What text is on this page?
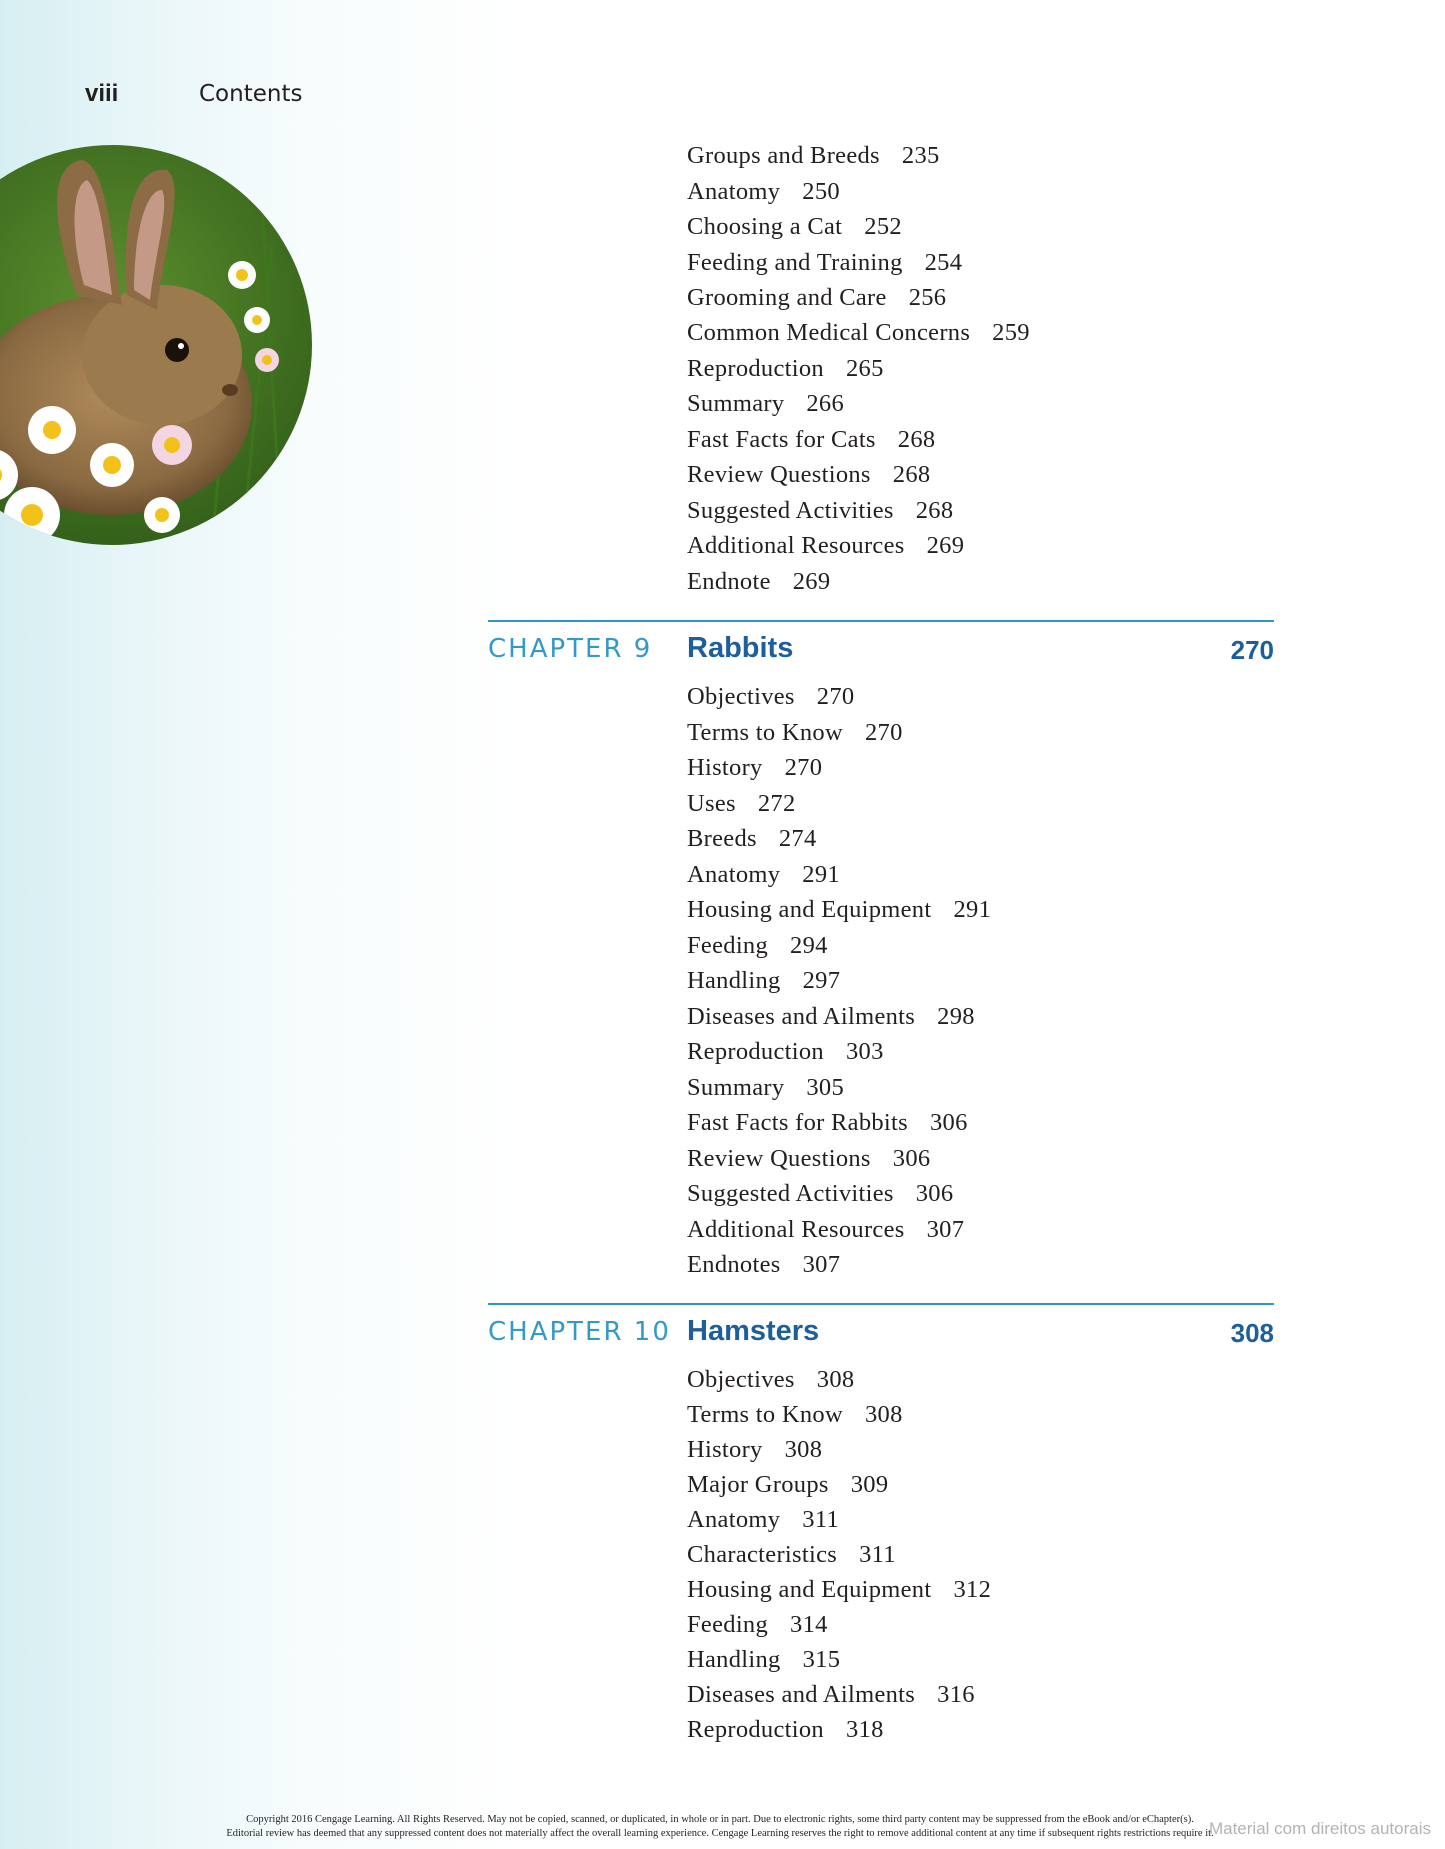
viii	Contents
Groups and Breeds 235
Anatomy 250
Choosing a Cat 252
Feeding and Training 254
Grooming and Care 256
Common Medical Concerns 259
Reproduction 265
Summary 266
Fast Facts for Cats 268
Review Questions 268
Suggested Activities 268
Additional Resources 269
Endnote 269
CHAPTER 9 Rabbits	270
Objectives 270
Terms to Know 270
History 270
Uses 272
Breeds 274
Anatomy 291
Housing and Equipment 291
Feeding 294
Handling 297
Diseases and Ailments 298
Reproduction 303
Summary 305
Fast Facts for Rabbits 306
Review Questions 306
Suggested Activities 306
Additional Resources 307
Endnotes 307
CHAPTER 10 Hamsters	308
Objectives 308
Terms to Know 308
History 308
Major Groups 309
Anatomy 311
Characteristics 311
Housing and Equipment 312
Feeding 314
Handling 315
Diseases and Ailments 316
Reproduction 318
Copyright 2016 Cengage Learning. All Rights Reserved. May not be copied, scanned, or duplicated, in whole or in part. Due to electronic rights, some third party content may be suppressed from the eBook and/or eChapter(s).
Editorial review has deemed that any suppressed content does not materially affect the overall learning experience. Cengage Learning reserves the right to remove additional content at any time if subsequent rights restrictions require it.
Material com direitos autorais
